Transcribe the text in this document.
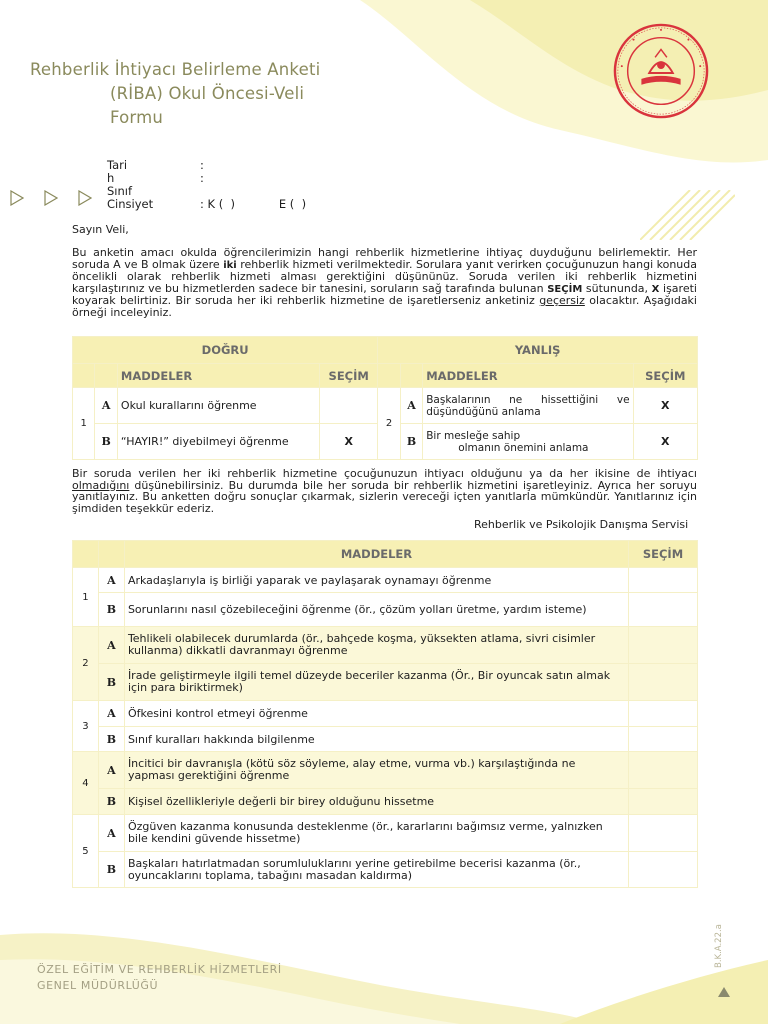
Rehberlik İhtiyacı Belirleme Anketi
(RİBA) Okul Öncesi-Veli
Formu
Tari	:
h	:
Sınıf
Cinsiyet	: K (  )            E (  )
Sayın Veli,
Bu anketin amacı okulda öğrencilerimizin hangi rehberlik hizmetlerine ihtiyaç duyduğunu belirlemektir. Her soruda A ve B olmak üzere iki rehberlik hizmeti verilmektedir. Sorulara yanıt verirken çocuğunuzun hangi konuda öncelikli olarak rehberlik hizmeti alması gerektiğini düşününüz. Soruda verilen iki rehberlik hizmetini karşılaştırınız ve bu hizmetlerden sadece bir tanesini, soruların sağ tarafında bulunan SEÇİM sütununda, X işareti koyarak belirtiniz. Bir soruda her iki rehberlik hizmetine de işaretlerseniz anketiniz geçersiz olacaktır. Aşağıdaki örneği inceleyiniz.
DOĞRU				YANLIŞ			
		MADDELER	SEÇİM			MADDELER	SEÇİM
1	A	Okul kurallarını öğrenme		2	A	Başkalarının ne hissettiğini ve düşündüğünü anlama	X
	B	“HAYIR!” diyebilmeyi öğrenme	X		B	Bir mesleğe sahip
olmanın önemini anlama	X
Bir soruda verilen her iki rehberlik hizmetine çocuğunuzun ihtiyacı olduğunu ya da her ikisine de ihtiyacı olmadığını düşünebilirsiniz. Bu durumda bile her soruda bir rehberlik hizmetini işaretleyiniz. Ayrıca her soruyu yanıtlayınız. Bu anketten doğru sonuçlar çıkarmak, sizlerin vereceği içten yanıtlarla mümkündür. Yanıtlarınız için şimdiden teşekkür ederiz.
Rehberlik ve Psikolojik Danışma Servisi
		MADDELER	SEÇİM
1	A	Arkadaşlarıyla iş birliği yaparak ve paylaşarak oynamayı öğrenme	
	B	Sorunlarını nasıl çözebileceğini öğrenme (ör., çözüm yolları üretme, yardım isteme)	
2	A	Tehlikeli olabilecek durumlarda (ör., bahçede koşma, yüksekten atlama, sivri cisimler kullanma) dikkatli davranmayı öğrenme	
	B	İrade geliştirmeyle ilgili temel düzeyde beceriler kazanma (Ör., Bir oyuncak satın almak için para biriktirmek)	
3	A	Öfkesini kontrol etmeyi öğrenme	
	B	Sınıf kuralları hakkında bilgilenme	
4	A	İncitici bir davranışla (kötü söz söyleme, alay etme, vurma vb.) karşılaştığında ne yapması gerektiğini öğrenme	
	B	Kişisel özellikleriyle değerli bir birey olduğunu hissetme	
5	A	Özgüven kazanma konusunda desteklenme (ör., kararlarını bağımsız verme, yalnızken bile kendini güvende hissetme)	
	B	Başkaları hatırlatmadan sorumluluklarını yerine getirebilme becerisi kazanma (ör., oyuncaklarını toplama, tabağını masadan kaldırma)	
ÖZEL EĞİTİM VE REHBERLİK HİZMETLERİ
GENEL MÜDÜRLÜĞÜ
B.K.A.22.a
